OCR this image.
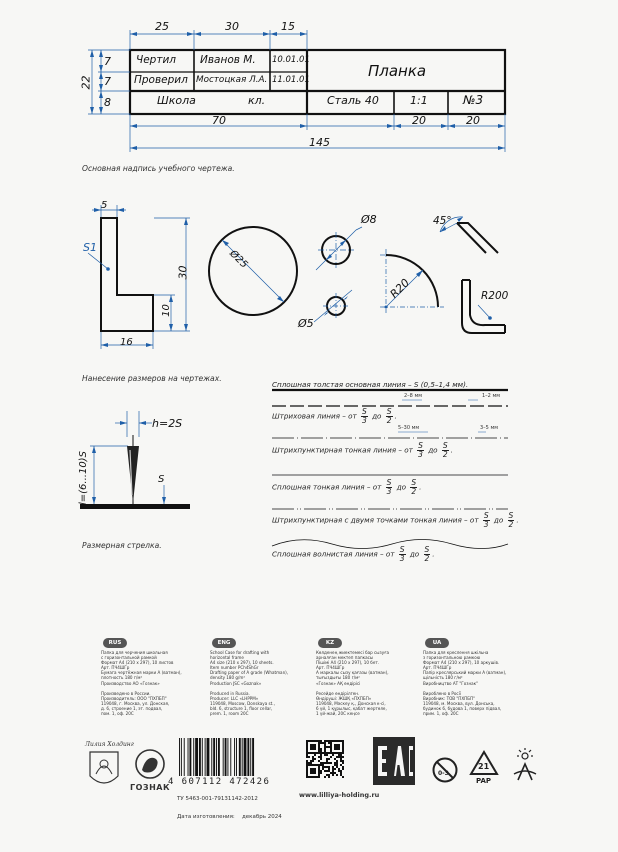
Чертил Иванов М. 10.01.01
Проверил Мостоцкая Л.А. 11.01.01
Школа	кл.	Сталь 40	1:1	№3
Планка
25	30	15
22
7
7
8
70	20	20
145
Основная надпись учебного чертежа.
5
S1
30
10
16
Ø25
Ø8
Ø5
R20
45°
R200
Нанесение размеров на чертежах.
h=2S
l=(6...10)S	S
Размерная стрелка.
Сплошная толстая основная линия – S (0,5–1,4 мм).
2–8 мм	1–2 мм
5–30 мм	3–5 мм
Штриховая линия – от $\frac{S}{3}$ до $\frac{S}{2}$ .
Штрихпунктирная тонкая линия – от $\frac{S}{3}$ до $\frac{S}{2}$ .
Сплошная тонкая линия – от $\frac{S}{3}$ до $\frac{S}{2}$ .
Штрихпунктирная с двумя точками тонкая линия – от $\frac{S}{3}$ до $\frac{S}{2}$ .
Сплошная волнистая линия – от $\frac{S}{3}$ до $\frac{S}{2}$ .
RUS
Папка для черчения школьная
с горизонтальной рамкой
Формат А4 (210 х 297), 10 листов
Арт. ПЧ4ШГр
Бумага чертёжная марки А (ватман),
плотность 180 г/м²
Производство АО «Гознак»

Произведено в России.
Производитель: ООО "ПХПБП"
119048, г. Москва, ул. Донская,
д. 6, строение 1, эт. подвал,
пом. 1, оф. 20С
ENG
School Case for drafting with
horizontal frame
A4 size (210 x 297), 10 sheets.
Item number PCh4ShGr
Drafting paper of A grade (Whatman),
density 180 g/m²
Production JSC «Goznak»

Produced in Russia.
Producer: LLC «LHPPM»
119048, Moscow, Donskaya st.,
bld. 6, structure 1, floor cellar,
prem. 1, room 20C
KZ
Көлденең жиектемесі бар сызуға
арналған мектеп папкасы
Пішімі А4 (210 х 297), 10 бет.
Арт. ПЧ4ШГр
А маркалы сызу қағазы (ватман),
тығыздығы 180 г/м²
«Гознак» АҚ өндірісі

Ресейде өндірілген.
Өндіруші: ЖШҚ «ПХПБП»
119048, Мәскеу қ., Донская к-сі,
6 үй, 1 құрылыс, қабат жертөле,
1 үй-жай, 20С кеңсе
UA
Папка для креслення шкільна
з горизонтальною рамкою
Формат А4 (210 х 297), 10 аркушів.
Арт. ПЧ4ШГр
Папір креслярський марки А (ватман),
щільність 180 г/м²
Виробництво АТ "Гознак"

Вироблено в Росії
Виробник: ТОВ "ПХПБП"
119048, м. Москва, вул. Донська,
будинок 6, будова 1, поверх підвал,
прим. 1, оф. 20С
Лилия Холдинг
ГОЗНАК
4 607112 472426
0-3
21
PAP
www.lilliya-holding.ru
ТУ 5463-001-79131142-2012
Дата изготовления: декабрь 2024
